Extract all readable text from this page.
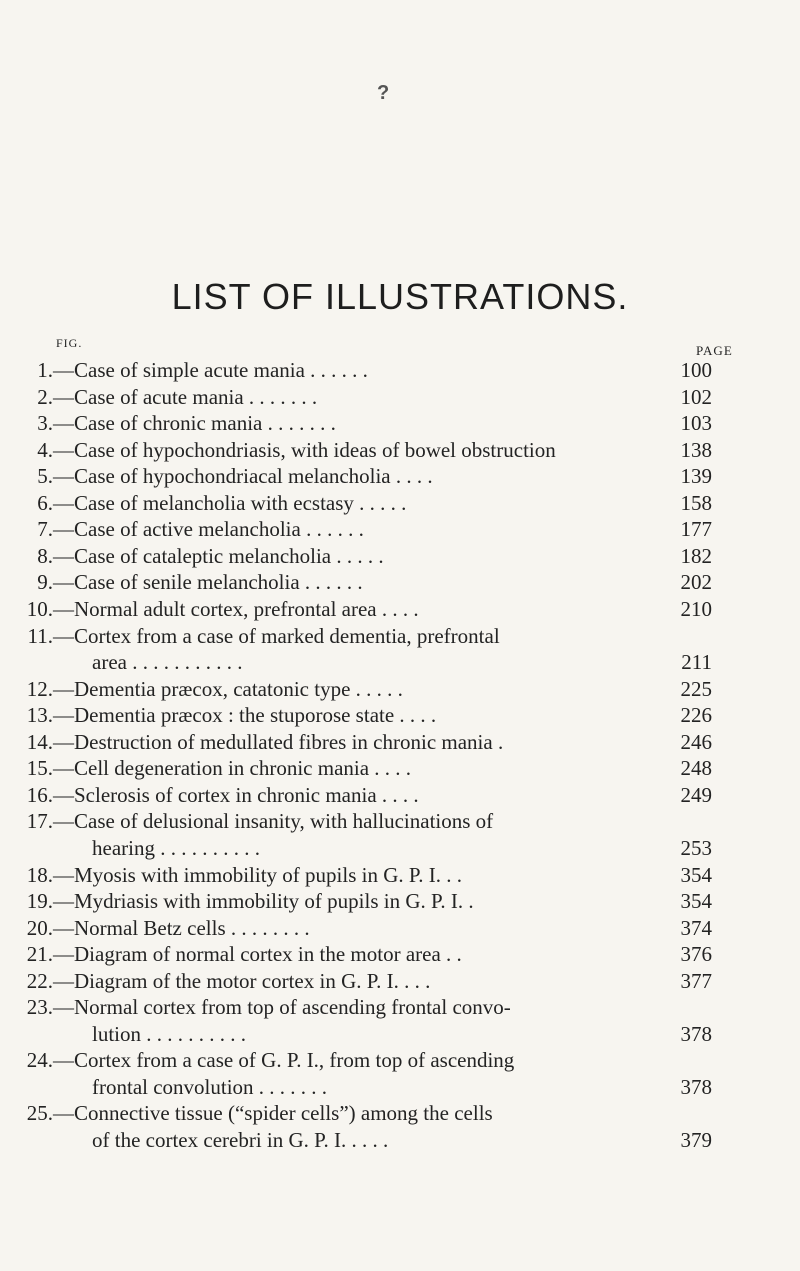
?
LIST OF ILLUSTRATIONS.
FIG.	PAGE
1. —Case of simple acute mania . . . . . .	100
2. —Case of acute mania . . . . . . .	102
3. —Case of chronic mania . . . . . . .	103
4. —Case of hypochondriasis, with ideas of bowel obstruction	138
5. —Case of hypochondriacal melancholia . . . .	139
6. —Case of melancholia with ecstasy . . . . .	158
7. —Case of active melancholia . . . . . .	177
8. —Case of cataleptic melancholia . . . . .	182
9. —Case of senile melancholia . . . . . .	202
10. —Normal adult cortex, prefrontal area . . . .	210
11. —Cortex from a case of marked dementia, prefrontal
area . . . . . . . . . . .	211
12. —Dementia præcox, catatonic type . . . . .	225
13. —Dementia præcox : the stuporose state . . . .	226
14. —Destruction of medullated fibres in chronic mania .	246
15. —Cell degeneration in chronic mania . . . .	248
16. —Sclerosis of cortex in chronic mania . . . .	249
17. —Case of delusional insanity, with hallucinations of
hearing . . . . . . . . . .	253
18. —Myosis with immobility of pupils in G. P. I. . .	354
19. —Mydriasis with immobility of pupils in G. P. I. .	354
20. —Normal Betz cells . . . . . . . .	374
21. —Diagram of normal cortex in the motor area . .	376
22. —Diagram of the motor cortex in G. P. I. . . .	377
23. —Normal cortex from top of ascending frontal convo-
lution . . . . . . . . . .	378
24. —Cortex from a case of G. P. I., from top of ascending
frontal convolution . . . . . . .	378
25. —Connective tissue (“spider cells”) among the cells
of the cortex cerebri in G. P. I. . . . .	379
